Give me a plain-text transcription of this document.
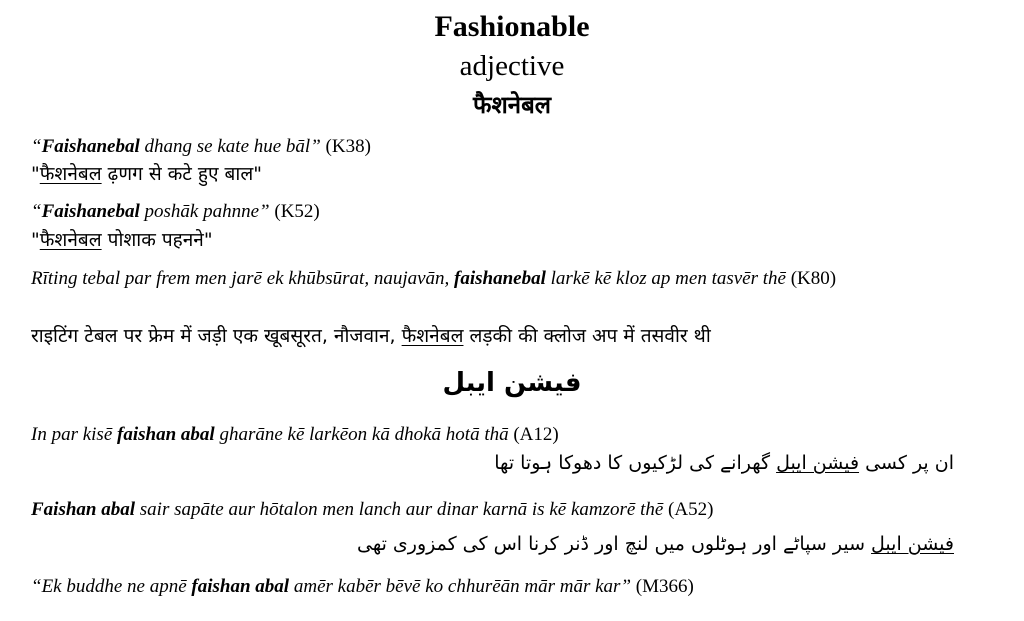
Fashionable
adjective
फैशनेबल
“Faishanebal dhang se kate hue bāl” (K38)
"फैशनेबल ढ़णग से कटे हुए बाल"
“Faishanebal poshāk pahnne” (K52)
"फैशनेबल पोशाक पहनने"
Rīting tebal par frem men jarē ek khūbsūrat, naujavān, faishanebal larkē kē kloz ap men tasvēr thē (K80)
राइटिंग टेबल पर फ्रेम में जड़ी एक खूबसूरत, नौजवान, फैशनेबल लड़की की क्लोज अप में तसवीर थी
فیشن ایبل
In par kisē faishan abal gharāne kē larkēon kā dhokā hotā thā (A12)
ان پر کسی فیشن ایبل گھرانے کی لڑکیوں کا دھوکا ہوتا تھا
Faishan abal sair sapāte aur hōtalon men lanch aur dinar karnā is kē kamzorē thē (A52)
فیشن ایبل سیر سپاٹے اور ہوٹلوں میں لنچ اور ڈنر کرنا اس کی کمزوری تھی
“Ek buddhe ne apnē faishan abal amēr kabēr bēvē ko chhurēān mār mār kar” (M366)
